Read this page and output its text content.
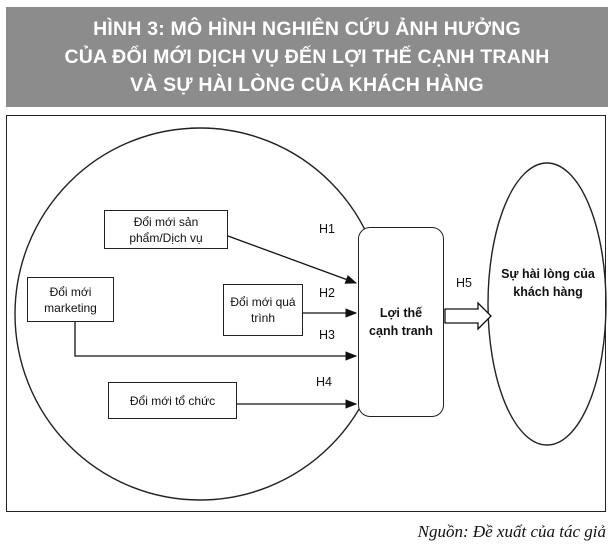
HÌNH 3: MÔ HÌNH NGHIÊN CỨU ẢNH HƯỞNG
CỦA ĐỔI MỚI DỊCH VỤ ĐẾN LỢI THẾ CẠNH TRANH
VÀ SỰ HÀI LÒNG CỦA KHÁCH HÀNG
Đổi mới sản phẩm/Dịch vụ
Đổi mới marketing	Đổi mới quá trình
Đổi mới tổ chức
Lợi thế cạnh tranh
Sự hài lòng của khách hàng
H1
H2
H3
H4
H5
Nguồn: Đề xuất của tác giả
